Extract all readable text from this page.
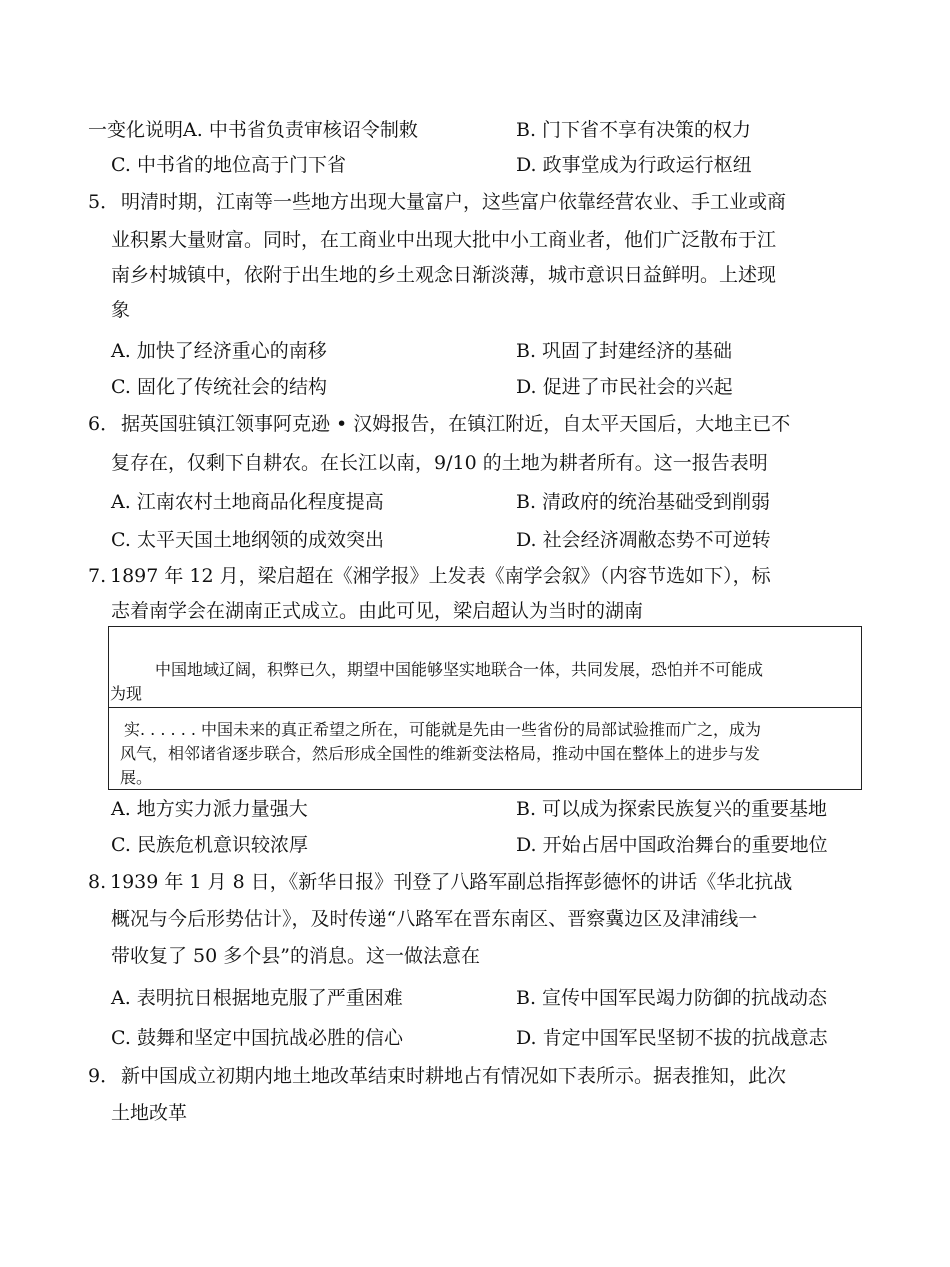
一变化说明A. 中书省负责审核诏令制敕	B. 门下省不享有决策的权力
C. 中书省的地位高于门下省	D. 政事堂成为行政运行枢纽
5． 明清时期，江南等一些地方出现大量富户，这些富户依靠经营农业、手工业或商
业积累大量财富。同时，在工商业中出现大批中小工商业者，他们广泛散布于江
南乡村城镇中，依附于出生地的乡土观念日渐淡薄，城市意识日益鲜明。上述现
象
A. 加快了经济重心的南移	B. 巩固了封建经济的基础
C. 固化了传统社会的结构	D. 促进了市民社会的兴起
6． 据英国驻镇江领事阿克逊 • 汉姆报告，在镇江附近，自太平天国后，大地主已不
复存在，仅剩下自耕农。在长江以南，9/10 的土地为耕者所有。这一报告表明
A. 江南农村土地商品化程度提高	B. 清政府的统治基础受到削弱
C. 太平天国土地纲领的成效突出	D. 社会经济凋敝态势不可逆转
7. 1897 年 12 月，梁启超在《湘学报》上发表《南学会叙》（内容节选如下），标
志着南学会在湖南正式成立。由此可见，梁启超认为当时的湖南
中国地域辽阔，积弊已久，期望中国能够坚实地联合一体，共同发展，恐怕并不可能成
为现
实. . . . . . 中国未来的真正希望之所在，可能就是先由一些省份的局部试验推而广之，成为
风气，相邻诸省逐步联合，然后形成全国性的维新变法格局，推动中国在整体上的进步与发
展。
A. 地方实力派力量强大	B. 可以成为探索民族复兴的重要基地
C. 民族危机意识较浓厚	D. 开始占居中国政治舞台的重要地位
8. 1939 年 1 月 8 日，《新华日报》刊登了八路军副总指挥彭德怀的讲话《华北抗战
概况与今后形势估计》，及时传递“八路军在晋东南区、晋察冀边区及津浦线一
带收复了 50 多个县”的消息。这一做法意在
A. 表明抗日根据地克服了严重困难	B. 宣传中国军民竭力防御的抗战动态
C. 鼓舞和坚定中国抗战必胜的信心	D. 肯定中国军民坚韧不拔的抗战意志
9． 新中国成立初期内地土地改革结束时耕地占有情况如下表所示。据表推知，此次
土地改革
